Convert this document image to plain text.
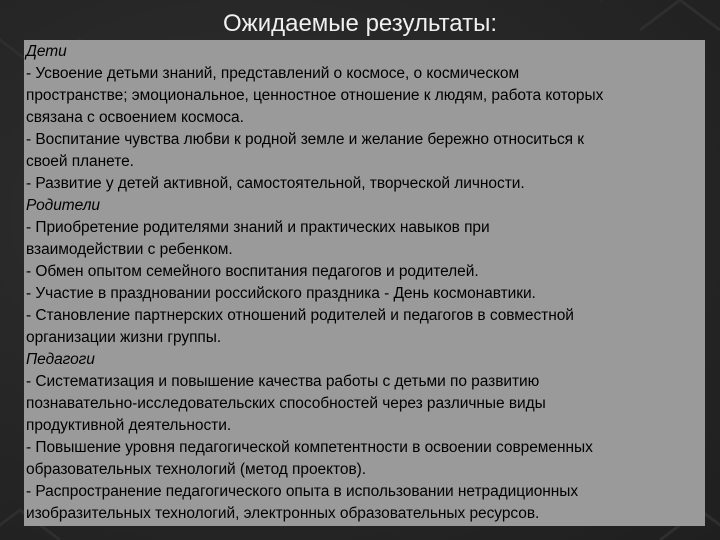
Ожидаемые результаты:
Дети
- Усвоение детьми знаний, представлений о космосе, о космическом
пространстве; эмоциональное, ценностное отношение к людям, работа которых
связана с освоением космоса.
- Воспитание чувства любви к родной земле и желание бережно относиться к
своей планете.
- Развитие у детей активной, самостоятельной, творческой личности.
Родители
- Приобретение родителями знаний и практических навыков при
взаимодействии с ребенком.
- Обмен опытом семейного воспитания педагогов и родителей.
- Участие в праздновании российского праздника - День космонавтики.
- Становление партнерских отношений родителей и педагогов в совместной
организации жизни группы.
Педагоги
- Систематизация и повышение качества работы с детьми по развитию
познавательно-исследовательских способностей через различные виды
продуктивной деятельности.
- Повышение уровня педагогической компетентности в освоении современных
образовательных технологий (метод проектов).
- Распространение педагогического опыта в использовании нетрадиционных
изобразительных технологий, электронных образовательных ресурсов.
